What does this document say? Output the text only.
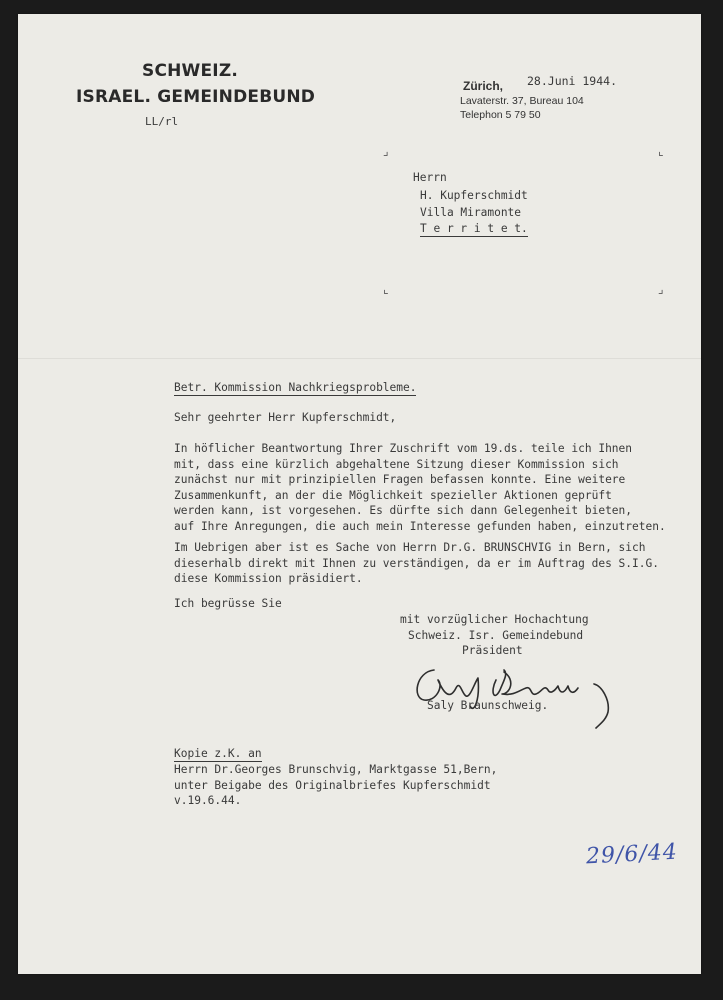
SCHWEIZ.
ISRAEL. GEMEINDEBUND
LL/rl
Zürich, 28.Juni 1944.
Lavaterstr. 37, Bureau 104
Telephon 5 79 50
⌟	⌞
⌞	⌟
Herrn
H. Kupferschmidt
Villa Miramonte
T e r r i t e t.
Betr. Kommission Nachkriegsprobleme.
Sehr geehrter Herr Kupferschmidt,
In höflicher Beantwortung Ihrer Zuschrift vom 19.ds. teile ich Ihnen
mit, dass eine kürzlich abgehaltene Sitzung dieser Kommission sich
zunächst nur mit prinzipiellen Fragen befassen konnte. Eine weitere
Zusammenkunft, an der die Möglichkeit spezieller Aktionen geprüft
werden kann, ist vorgesehen. Es dürfte sich dann Gelegenheit bieten,
auf Ihre Anregungen, die auch mein Interesse gefunden haben, einzutreten.
Im Uebrigen aber ist es Sache von Herrn Dr.G. BRUNSCHVIG in Bern, sich
dieserhalb direkt mit Ihnen zu verständigen, da er im Auftrag des S.I.G.
diese Kommission präsidiert.
Ich begrüsse Sie
mit vorzüglicher Hochachtung
Schweiz. Isr. Gemeindebund
Präsident
Saly Braunschweig.
Kopie z.K. an
Herrn Dr.Georges Brunschvig, Marktgasse 51,Bern,
unter Beigabe des Originalbriefes Kupferschmidt
v.19.6.44.
29/6/44
